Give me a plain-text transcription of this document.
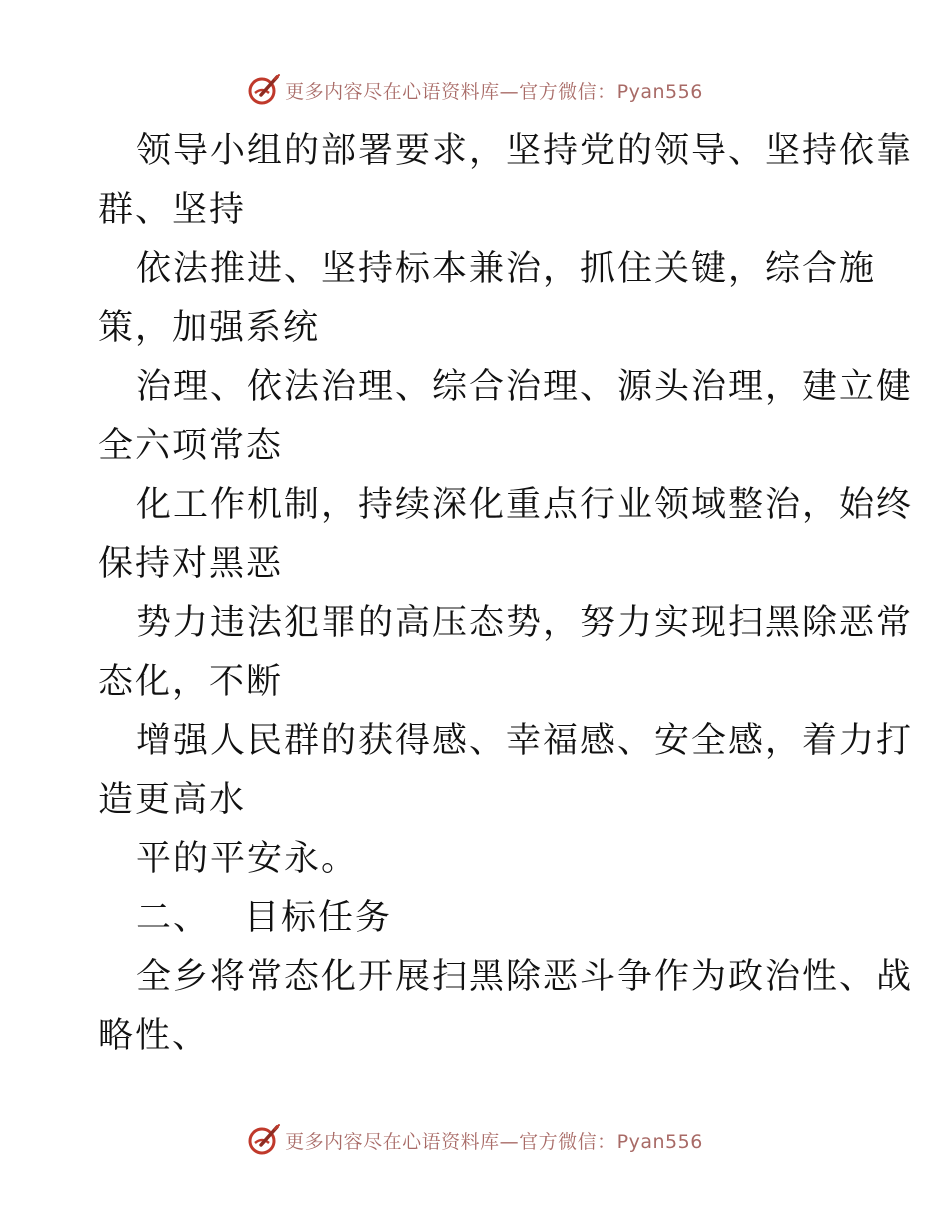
更多内容尽在心语资料库—官方微信：Pyan556
领导小组的部署要求，坚持党的领导、坚持依靠
群、坚持
依法推进、坚持标本兼治，抓住关键，综合施
策，加强系统
治理、依法治理、综合治理、源头治理，建立健
全六项常态
化工作机制，持续深化重点行业领域整治，始终
保持对黑恶
势力违法犯罪的高压态势，努力实现扫黑除恶常
态化，不断
增强人民群的获得感、幸福感、安全感，着力打
造更高水
平的平安永。
二、 目标任务
全乡将常态化开展扫黑除恶斗争作为政治性、战
略性、
更多内容尽在心语资料库—官方微信：Pyan556
